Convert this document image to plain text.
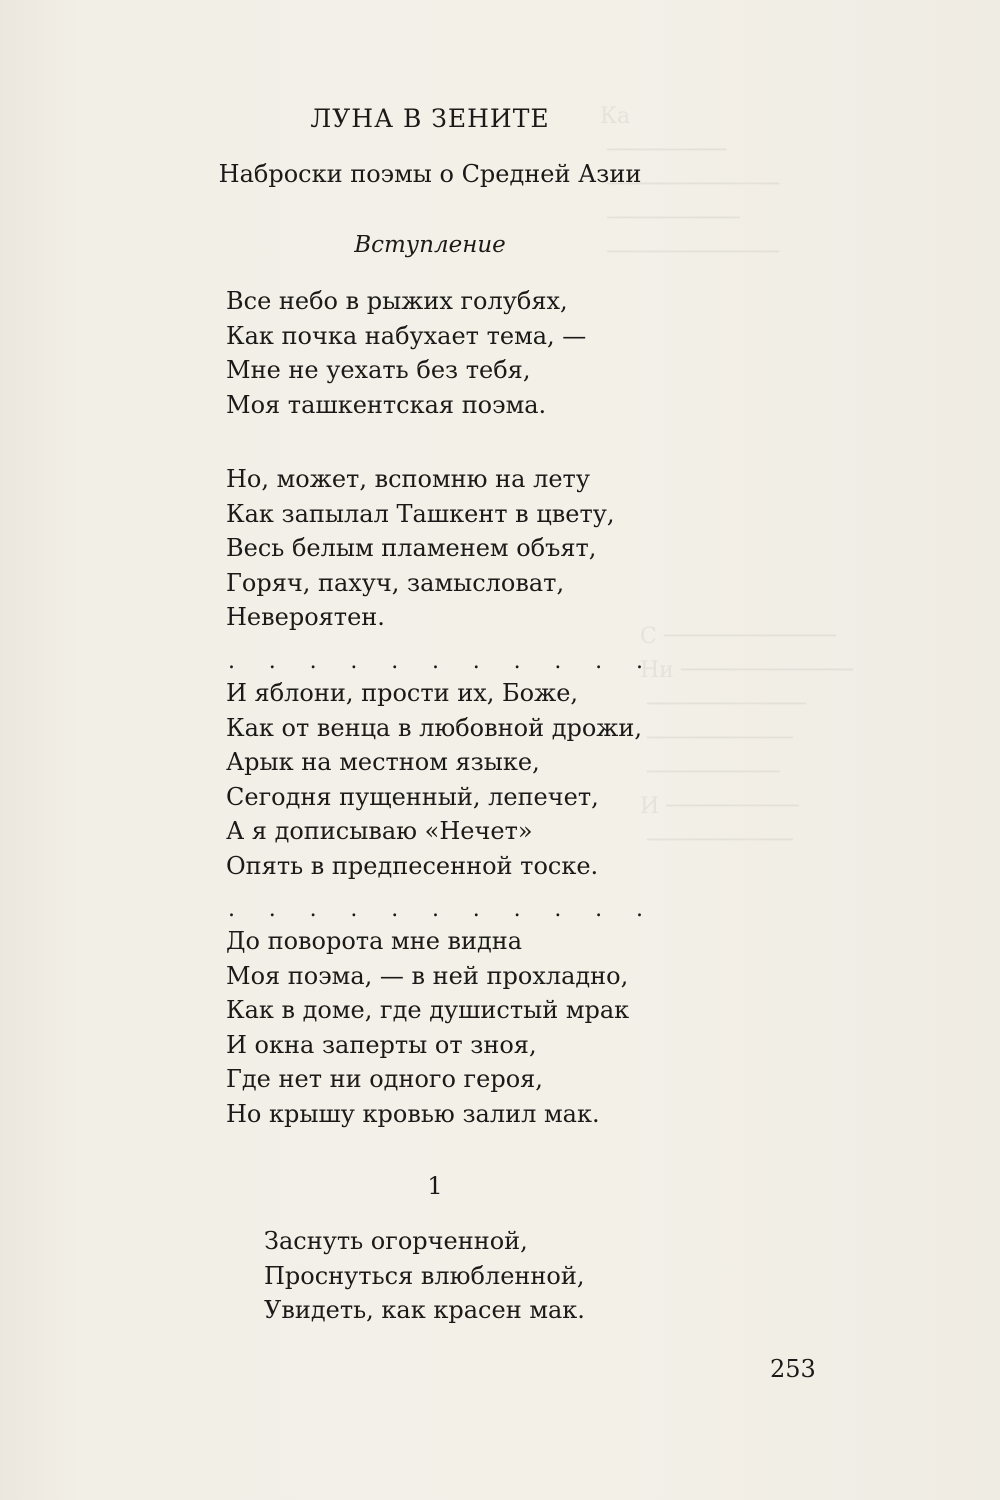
Ка
─────────
─────────────
──────────
─────────────
С ─────────────
Ни ─────────────
────────────
───────────
──────────
И ──────────
───────────
ЛУНА В ЗЕНИТЕ
Наброски поэмы о Средней Азии
Вступление
Все небо в рыжих голубях,
Как почка набухает тема, —
Мне не уехать без тебя,
Моя ташкентская поэма.
Но, может, вспомню на лету
Как запылал Ташкент в цвету,
Весь белым пламенем объят,
Горяч, пахуч, замысловат,
Невероятен.
. . . . . . . . . . .
И яблони, прости их, Боже,
Как от венца в любовной дрожи,
Арык на местном языке,
Сегодня пущенный, лепечет,
А я дописываю «Нечет»
Опять в предпесенной тоске.
. . . . . . . . . . .
До поворота мне видна
Моя поэма, — в ней прохладно,
Как в доме, где душистый мрак
И окна заперты от зноя,
Где нет ни одного героя,
Но крышу кровью залил мак.
1
Заснуть огорченной,
Проснуться влюбленной,
Увидеть, как красен мак.
253
